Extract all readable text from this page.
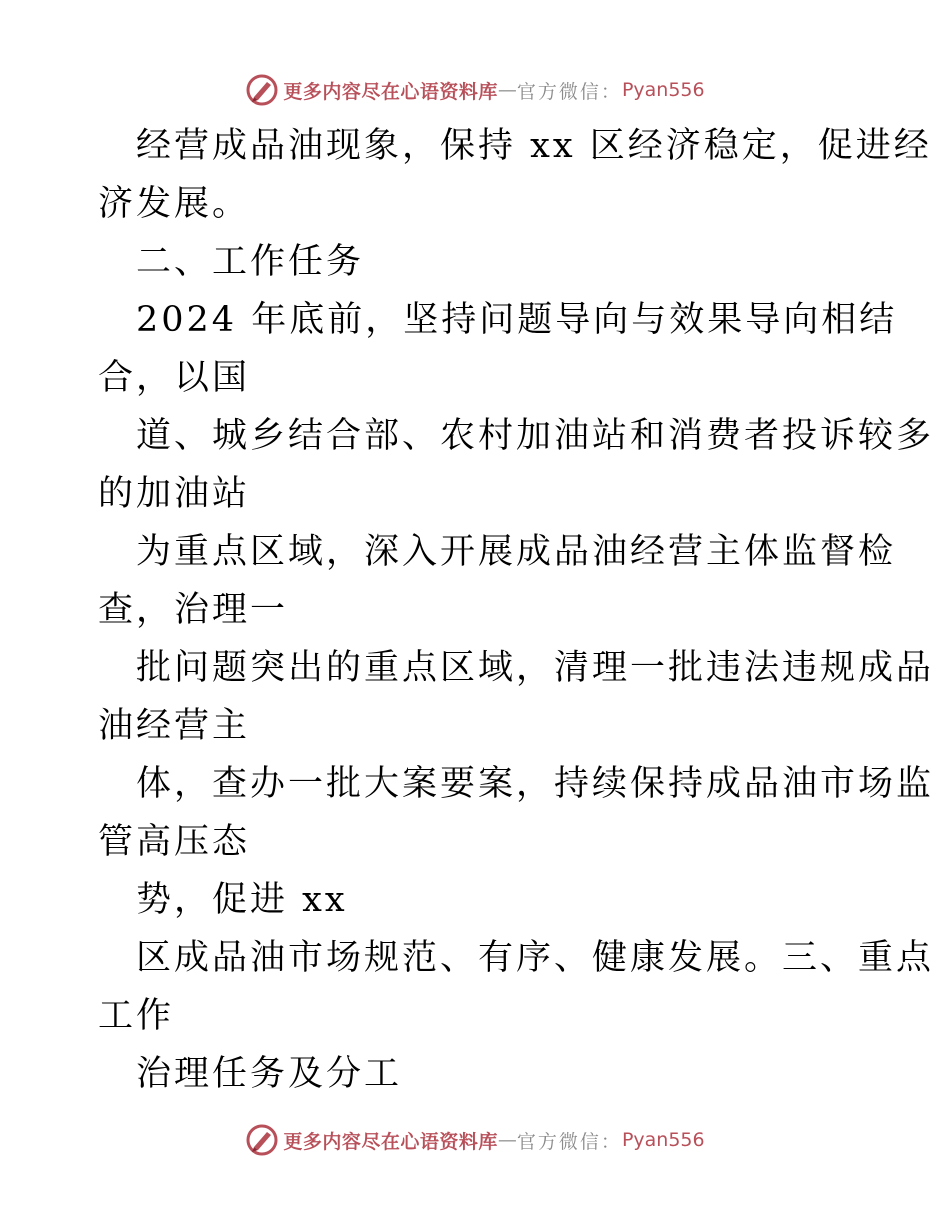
更多内容尽在心语资料库 — 官方微信： Pyan556
经营成品油现象，保持 xx 区经济稳定，促进经
济发展。
二、工作任务
2024 年底前，坚持问题导向与效果导向相结
合，以国
道、城乡结合部、农村加油站和消费者投诉较多
的加油站
为重点区域，深入开展成品油经营主体监督检
查，治理一
批问题突出的重点区域，清理一批违法违规成品
油经营主
体，查办一批大案要案，持续保持成品油市场监
管高压态
势，促进 xx
区成品油市场规范、有序、健康发展。三、重点
工作
治理任务及分工
更多内容尽在心语资料库 — 官方微信： Pyan556
